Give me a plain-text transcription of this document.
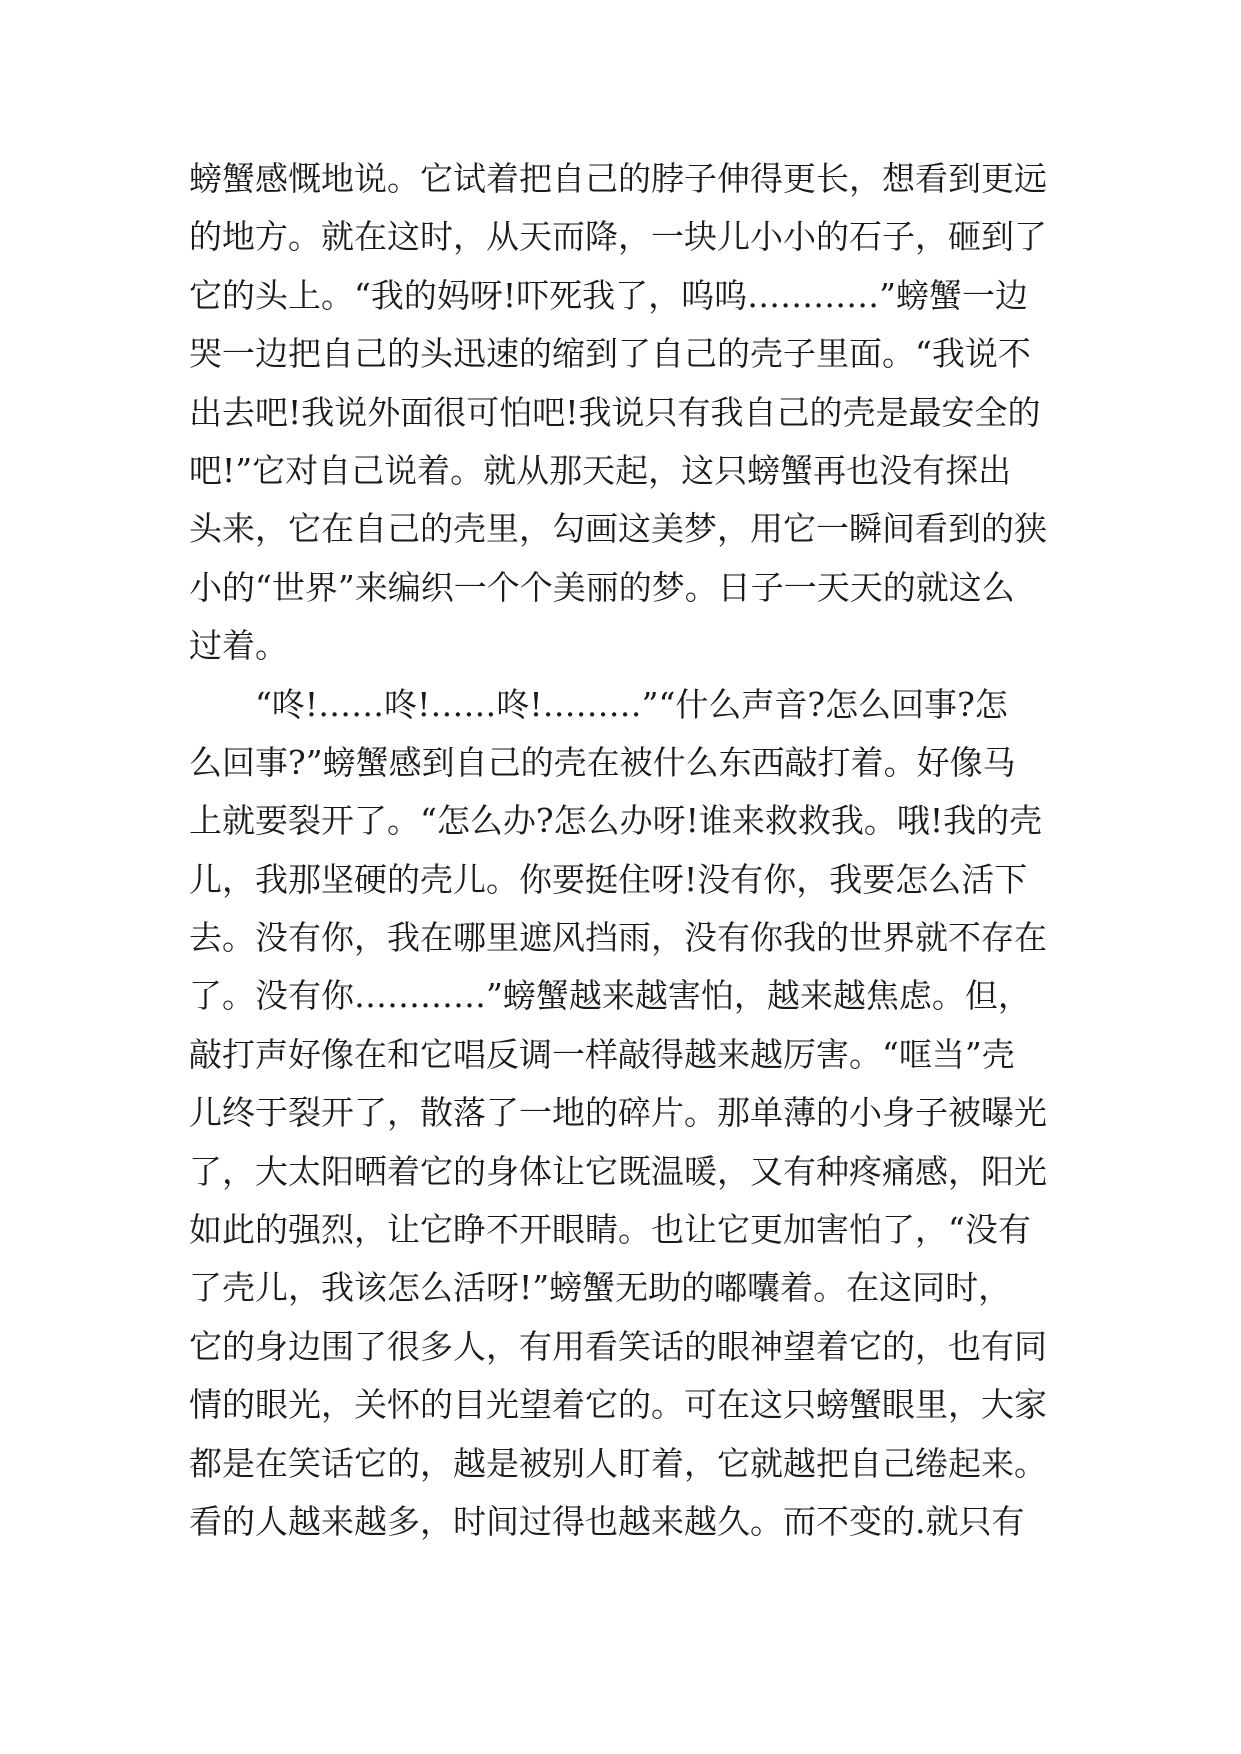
螃蟹感慨地说。它试着把自己的脖子伸得更长，想看到更远
的地方。就在这时，从天而降，一块儿小小的石子，砸到了
它的头上。“我的妈呀!吓死我了，呜呜…………”螃蟹一边
哭一边把自己的头迅速的缩到了自己的壳子里面。“我说不
出去吧!我说外面很可怕吧!我说只有我自己的壳是最安全的
吧!”它对自己说着。就从那天起，这只螃蟹再也没有探出
头来，它在自己的壳里，勾画这美梦，用它一瞬间看到的狭
小的“世界”来编织一个个美丽的梦。日子一天天的就这么
过着。
“咚!……咚!……咚!………”“什么声音?怎么回事?怎
么回事?”螃蟹感到自己的壳在被什么东西敲打着。好像马
上就要裂开了。“怎么办?怎么办呀!谁来救救我。哦!我的壳
儿，我那坚硬的壳儿。你要挺住呀!没有你，我要怎么活下
去。没有你，我在哪里遮风挡雨，没有你我的世界就不存在
了。没有你…………”螃蟹越来越害怕，越来越焦虑。但，
敲打声好像在和它唱反调一样敲得越来越厉害。“哐当”壳
儿终于裂开了，散落了一地的碎片。那单薄的小身子被曝光
了，大太阳晒着它的身体让它既温暖，又有种疼痛感，阳光
如此的强烈，让它睁不开眼睛。也让它更加害怕了，“没有
了壳儿，我该怎么活呀!”螃蟹无助的嘟囔着。在这同时，
它的身边围了很多人，有用看笑话的眼神望着它的，也有同
情的眼光，关怀的目光望着它的。可在这只螃蟹眼里，大家
都是在笑话它的，越是被别人盯着，它就越把自己绻起来。
看的人越来越多，时间过得也越来越久。而不变的.就只有
